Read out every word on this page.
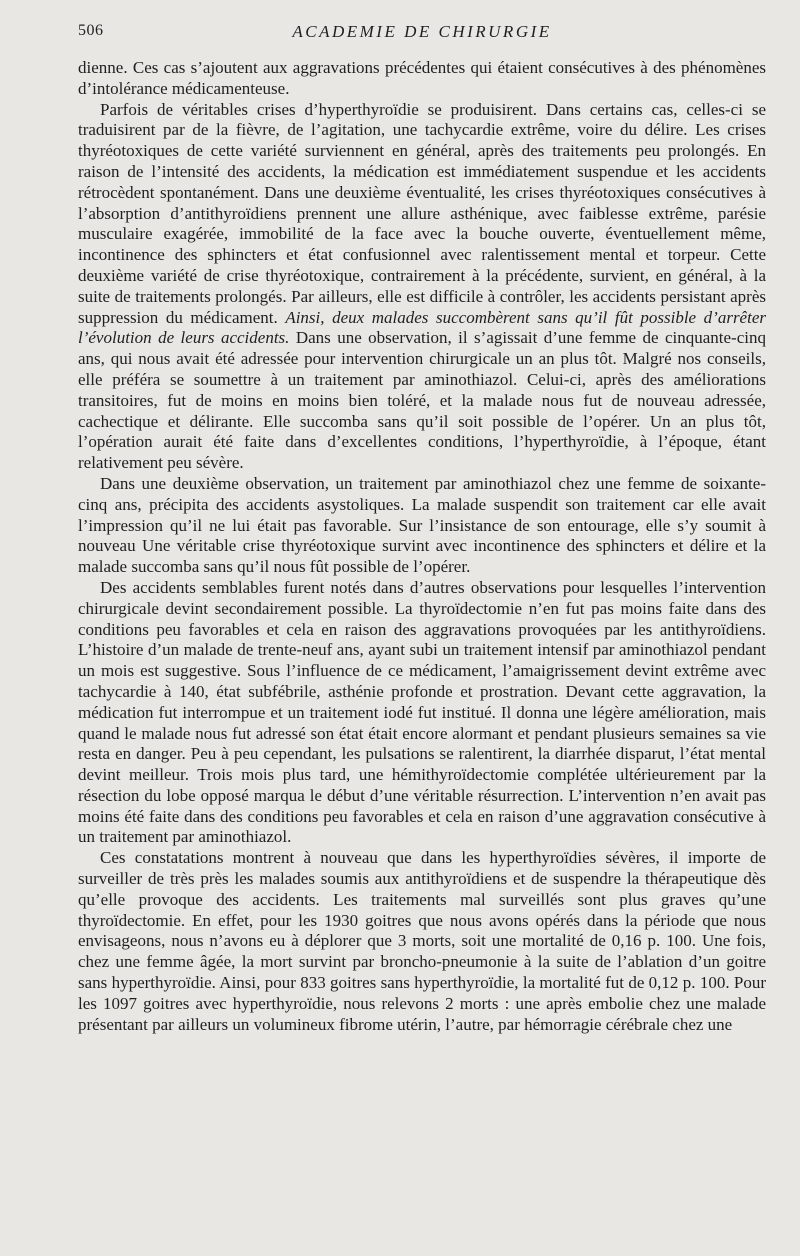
506	ACADEMIE DE CHIRURGIE

dienne. Ces cas s’ajoutent aux aggravations précédentes qui étaient consécutives à des phénomènes d’intolérance médicamenteuse.

Parfois de véritables crises d’hyperthyroïdie se produisirent. Dans certains cas, celles-ci se traduisirent par de la fièvre, de l’agitation, une tachycardie extrême, voire du délire. Les crises thyréotoxiques de cette variété surviennent en général, après des traitements peu prolongés. En raison de l’intensité des accidents, la médication est immédiatement suspendue et les accidents rétrocèdent spontanément. Dans une deuxième éventualité, les crises thyréotoxiques consécutives à l’absorption d’antithyroïdiens prennent une allure asthénique, avec faiblesse extrême, parésie musculaire exagérée, immobilité de la face avec la bouche ouverte, éventuellement même, incontinence des sphincters et état confusionnel avec ralentissement mental et torpeur. Cette deuxième variété de crise thyréotoxique, contrairement à la précédente, survient, en général, à la suite de traitements prolongés. Par ailleurs, elle est difficile à contrôler, les accidents persistant après suppression du médicament. Ainsi, deux malades succombèrent sans qu’il fût possible d’arrêter l’évolution de leurs accidents. Dans une observation, il s’agissait d’une femme de cinquante-cinq ans, qui nous avait été adressée pour intervention chirurgicale un an plus tôt. Malgré nos conseils, elle préféra se soumettre à un traitement par aminothiazol. Celui-ci, après des améliorations transitoires, fut de moins en moins bien toléré, et la malade nous fut de nouveau adressée, cachectique et délirante. Elle succomba sans qu’il soit possible de l’opérer. Un an plus tôt, l’opération aurait été faite dans d’excellentes conditions, l’hyperthyroïdie, à l’époque, étant relativement peu sévère.

Dans une deuxième observation, un traitement par aminothiazol chez une femme de soixante-cinq ans, précipita des accidents asystoliques. La malade suspendit son traitement car elle avait l’impression qu’il ne lui était pas favorable. Sur l’insistance de son entourage, elle s’y soumit à nouveau Une véritable crise thyréotoxique survint avec incontinence des sphincters et délire et la malade succomba sans qu’il nous fût possible de l’opérer.

Des accidents semblables furent notés dans d’autres observations pour lesquelles l’intervention chirurgicale devint secondairement possible. La thyroïdectomie n’en fut pas moins faite dans des conditions peu favorables et cela en raison des aggravations provoquées par les antithyroïdiens. L’histoire d’un malade de trente-neuf ans, ayant subi un traitement intensif par aminothiazol pendant un mois est suggestive. Sous l’influence de ce médicament, l’amaigrissement devint extrême avec tachycardie à 140, état subfébrile, asthénie profonde et prostration. Devant cette aggravation, la médication fut interrompue et un traitement iodé fut institué. Il donna une légère amélioration, mais quand le malade nous fut adressé son état était encore alormant et pendant plusieurs semaines sa vie resta en danger. Peu à peu cependant, les pulsations se ralentirent, la diarrhée disparut, l’état mental devint meilleur. Trois mois plus tard, une hémithyroïdectomie complétée ultérieurement par la résection du lobe opposé marqua le début d’une véritable résurrection. L’intervention n’en avait pas moins été faite dans des conditions peu favorables et cela en raison d’une aggravation consécutive à un traitement par aminothiazol.

Ces constatations montrent à nouveau que dans les hyperthyroïdies sévères, il importe de surveiller de très près les malades soumis aux antithyroïdiens et de suspendre la thérapeutique dès qu’elle provoque des accidents. Les traitements mal surveillés sont plus graves qu’une thyroïdectomie. En effet, pour les 1930 goitres que nous avons opérés dans la période que nous envisageons, nous n’avons eu à déplorer que 3 morts, soit une mortalité de 0,16 p. 100. Une fois, chez une femme âgée, la mort survint par broncho-pneumonie à la suite de l’ablation d’un goitre sans hyperthyroïdie. Ainsi, pour 833 goitres sans hyperthyroïdie, la mortalité fut de 0,12 p. 100. Pour les 1097 goitres avec hyperthyroïdie, nous relevons 2 morts : une après embolie chez une malade présentant par ailleurs un volumineux fibrome utérin, l’autre, par hémorragie cérébrale chez une
